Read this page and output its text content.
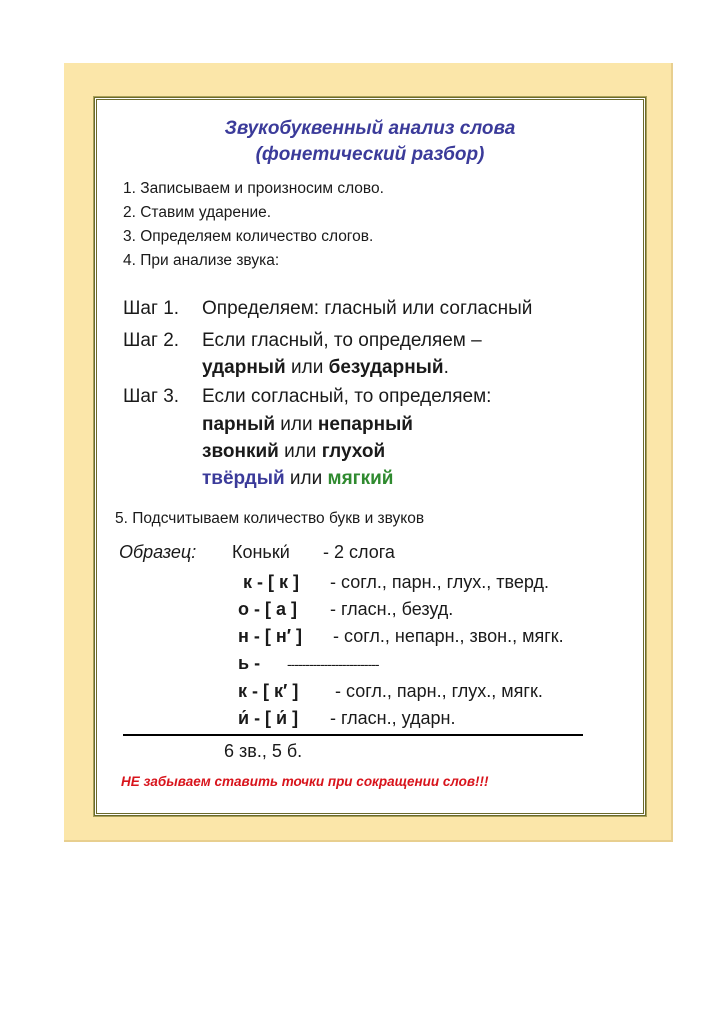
Звукобуквенный анализ слова
(фонетический разбор)
1. Записываем и произносим слово.
2. Ставим ударение.
3. Определяем количество слогов.
4. При анализе звука:
Шаг 1. Определяем: гласный или согласный
Шаг 2. Если гласный, то определяем –
ударный или безударный.
Шаг 3. Если согласный, то определяем:
парный или непарный
звонкий или глухой
твёрдый или мягкий
5. Подсчитываем количество букв и звуков
Образец: Коньки́ - 2 слога
к - [ к ] - согл., парн., глух., тверд.
о - [ а ] - гласн., безуд.
н - [ н′ ] - согл., непарн., звон., мягк.
ь - -------------------------
к - [ к′ ] - согл., парн., глух., мягк.
и́ - [ и́ ] - гласн., ударн.
6 зв., 5 б.
НЕ забываем ставить точки при сокращении слов!!!
